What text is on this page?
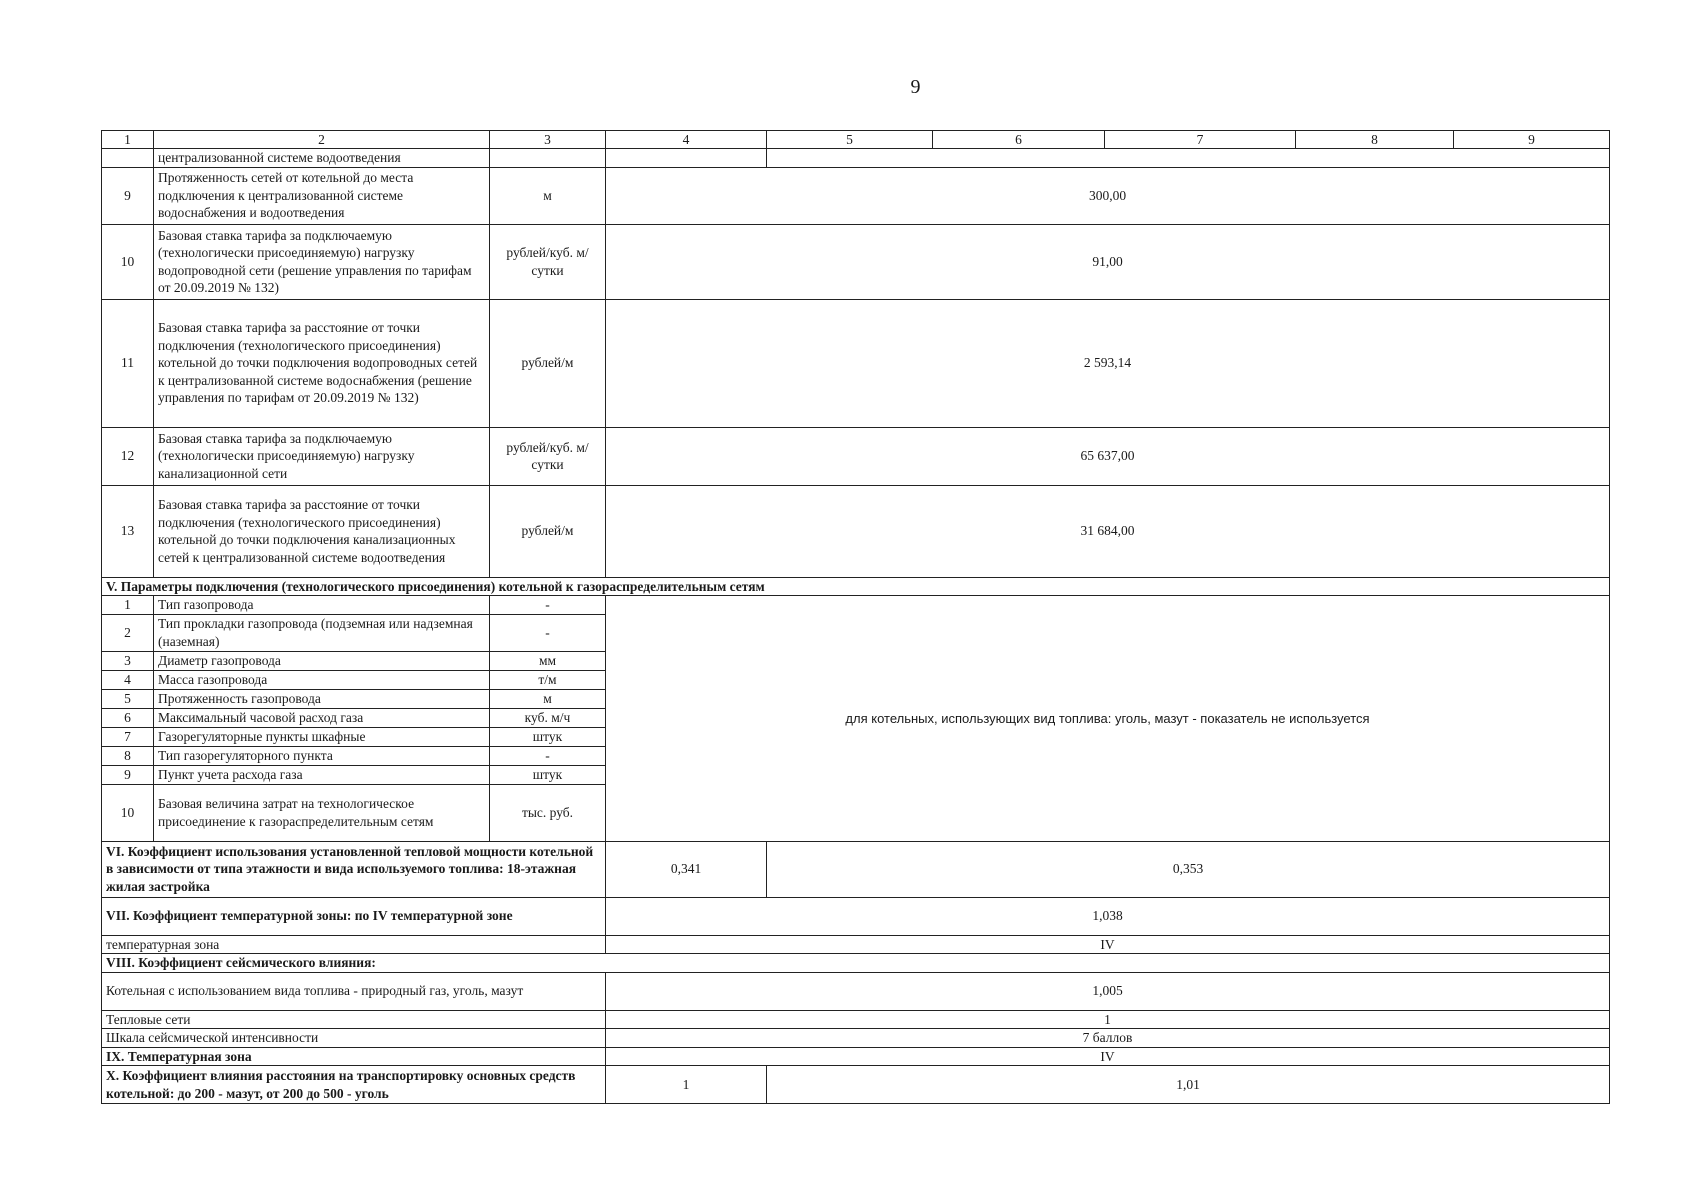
9
1	2	3	4	5	6	7	8	9
	централизованной системе водоотведения							
9	Протяженность сетей от котельной до места подключения к централизованной системе водоснабжения и водоотведения	м	300,00					
10	Базовая ставка тарифа за подключаемую (технологически присоединяемую) нагрузку водопроводной сети (решение управления по тарифам от 20.09.2019 № 132)	рублей/куб. м/сутки	91,00					
11	Базовая ставка тарифа за расстояние от точки подключения (технологического присоединения) котельной до точки подключения водопроводных сетей к централизованной системе водоснабжения (решение управления по тарифам от 20.09.2019 № 132)	рублей/м	2 593,14					
12	Базовая ставка тарифа за подключаемую (технологически присоединяемую) нагрузку канализационной сети	рублей/куб. м/сутки	65 637,00					
13	Базовая ставка тарифа за расстояние от точки подключения (технологического присоединения) котельной до точки подключения канализационных сетей к централизованной системе водоотведения	рублей/м	31 684,00					
V. Параметры подключения (технологического присоединения) котельной к газораспределительным сетям								
1	Тип газопровода	-	для котельных, использующих вид топлива: уголь, мазут - показатель не используется					
2	Тип прокладки газопровода (подземная или надземная (наземная)	-						
3	Диаметр газопровода	мм						
4	Масса газопровода	т/м						
5	Протяженность газопровода	м						
6	Максимальный часовой расход газа	куб. м/ч						
7	Газорегуляторные пункты шкафные	штук						
8	Тип газорегуляторного пункта	-						
9	Пункт учета расхода газа	штук						
10	Базовая величина затрат на технологическое присоединение к газораспределительным сетям	тыс. руб.						
VI. Коэффициент использования установленной тепловой мощности котельной в зависимости от типа этажности и вида используемого топлива: 18-этажная жилая застройка			0,341	0,353				
VII. Коэффициент температурной зоны: по IV температурной зоне			1,038					
температурная зона			IV					
VIII. Коэффициент сейсмического влияния:								
Котельная с использованием вида топлива - природный газ, уголь, мазут			1,005					
Тепловые сети			1					
Шкала сейсмической интенсивности			7 баллов					
IX. Температурная зона			IV					
X. Коэффициент влияния расстояния на транспортировку основных средств котельной: до 200 - мазут, от 200 до 500 - уголь			1	1,01				
